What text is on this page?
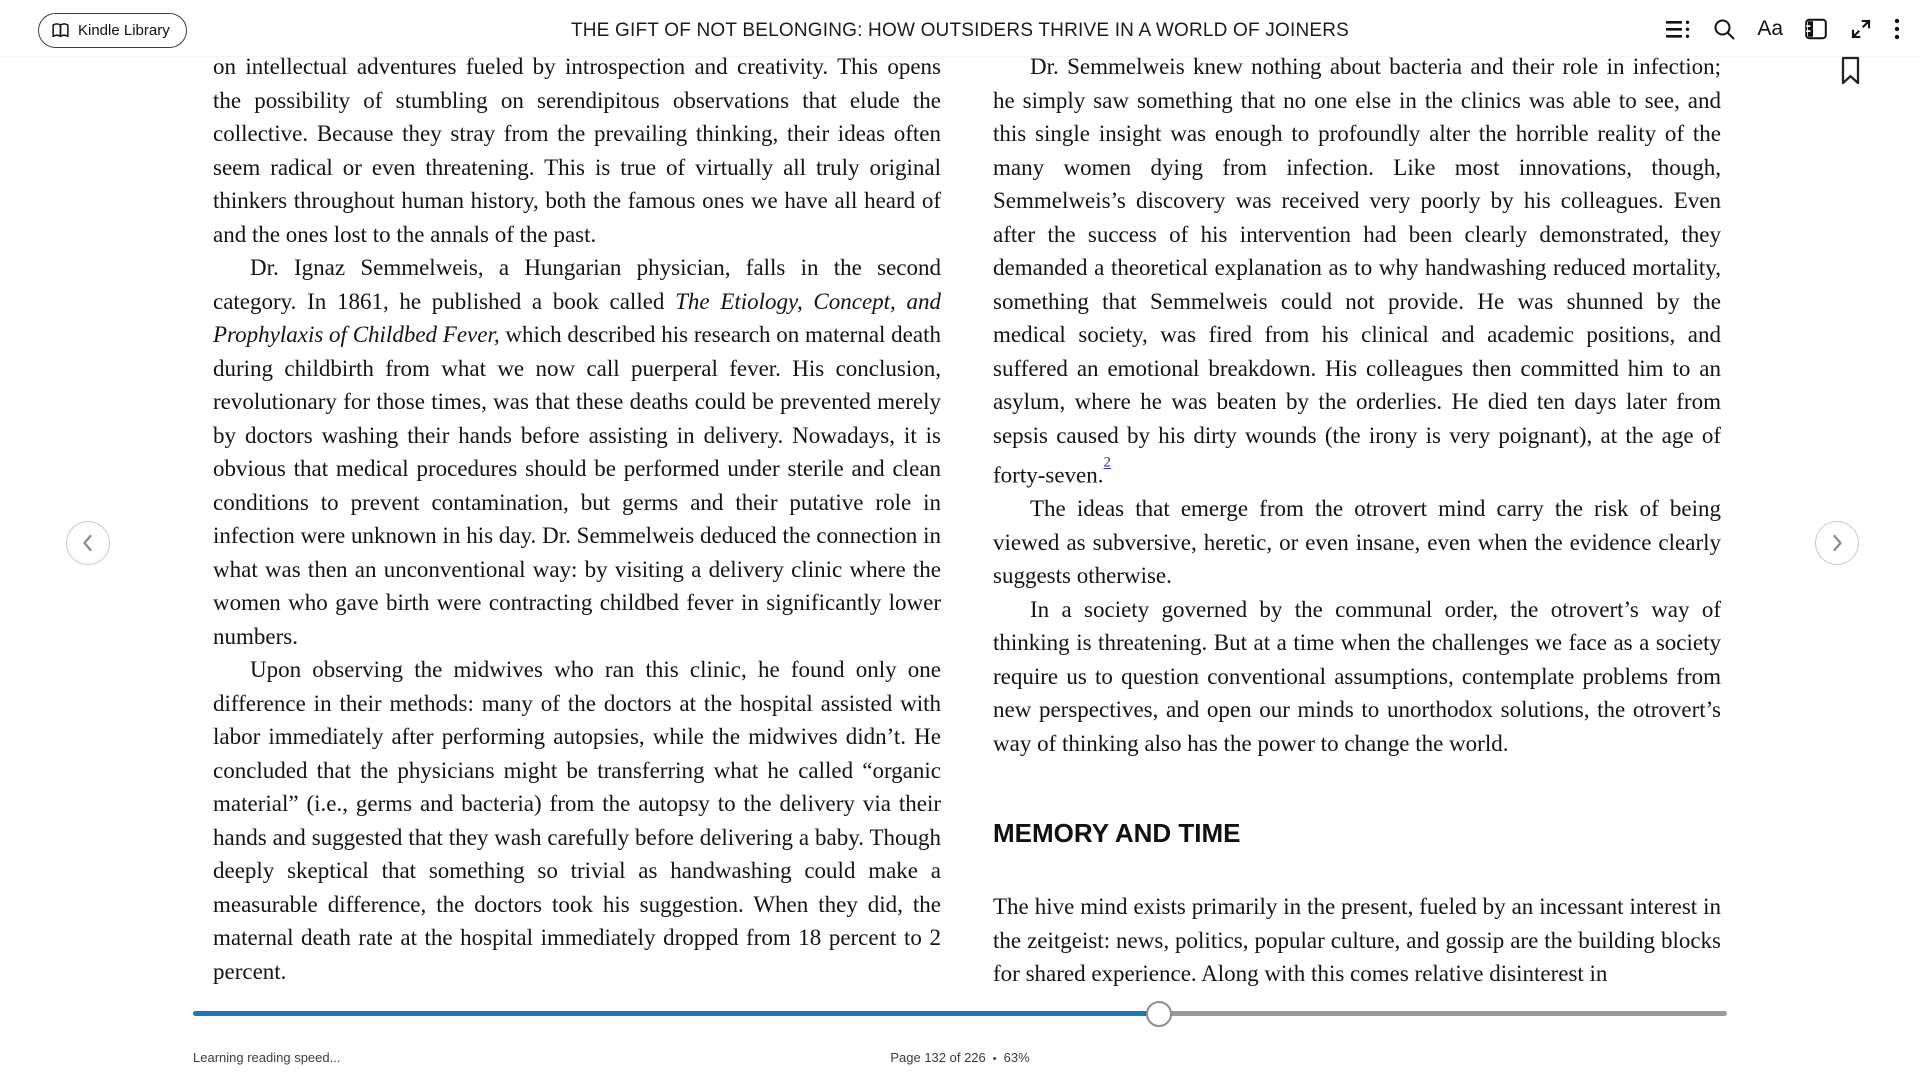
Kindle Library	THE GIFT OF NOT BELONGING: HOW OUTSIDERS THRIVE IN A WORLD OF JOINERS	Aa

on intellectual adventures fueled by introspection and creativity. This opens the possibility of stumbling on serendipitous observations that elude the collective. Because they stray from the prevailing thinking, their ideas often seem radical or even threatening. This is true of virtually all truly original thinkers throughout human history, both the famous ones we have all heard of and the ones lost to the annals of the past.

Dr. Ignaz Semmelweis, a Hungarian physician, falls in the second category. In 1861, he published a book called The Etiology, Concept, and Prophylaxis of Childbed Fever, which described his research on maternal death during childbirth from what we now call puerperal fever. His conclusion, revolutionary for those times, was that these deaths could be prevented merely by doctors washing their hands before assisting in delivery. Nowadays, it is obvious that medical procedures should be performed under sterile and clean conditions to prevent contamination, but germs and their putative role in infection were unknown in his day. Dr. Semmelweis deduced the connection in what was then an unconventional way: by visiting a delivery clinic where the women who gave birth were contracting childbed fever in significantly lower numbers.

Upon observing the midwives who ran this clinic, he found only one difference in their methods: many of the doctors at the hospital assisted with labor immediately after performing autopsies, while the midwives didn’t. He concluded that the physicians might be transferring what he called “organic material” (i.e., germs and bacteria) from the autopsy to the delivery via their hands and suggested that they wash carefully before delivering a baby. Though deeply skeptical that something so trivial as handwashing could make a measurable difference, the doctors took his suggestion. When they did, the maternal death rate at the hospital immediately dropped from 18 percent to 2 percent.

Dr. Semmelweis knew nothing about bacteria and their role in infection; he simply saw something that no one else in the clinics was able to see, and this single insight was enough to profoundly alter the horrible reality of the many women dying from infection. Like most innovations, though, Semmelweis’s discovery was received very poorly by his colleagues. Even after the success of his intervention had been clearly demonstrated, they demanded a theoretical explanation as to why handwashing reduced mortality, something that Semmelweis could not provide. He was shunned by the medical society, was fired from his clinical and academic positions, and suffered an emotional breakdown. His colleagues then committed him to an asylum, where he was beaten by the orderlies. He died ten days later from sepsis caused by his dirty wounds (the irony is very poignant), at the age of forty-seven.$^{^2}$

The ideas that emerge from the otrovert mind carry the risk of being viewed as subversive, heretic, or even insane, even when the evidence clearly suggests otherwise.

In a society governed by the communal order, the otrovert’s way of thinking is threatening. But at a time when the challenges we face as a society require us to question conventional assumptions, contemplate problems from new perspectives, and open our minds to unorthodox solutions, the otrovert’s way of thinking also has the power to change the world.

MEMORY AND TIME

The hive mind exists primarily in the present, fueled by an incessant interest in the zeitgeist: news, politics, popular culture, and gossip are the building blocks for shared experience. Along with this comes relative disinterest in

Learning reading speed...	Page 132 of 226 • 63%
